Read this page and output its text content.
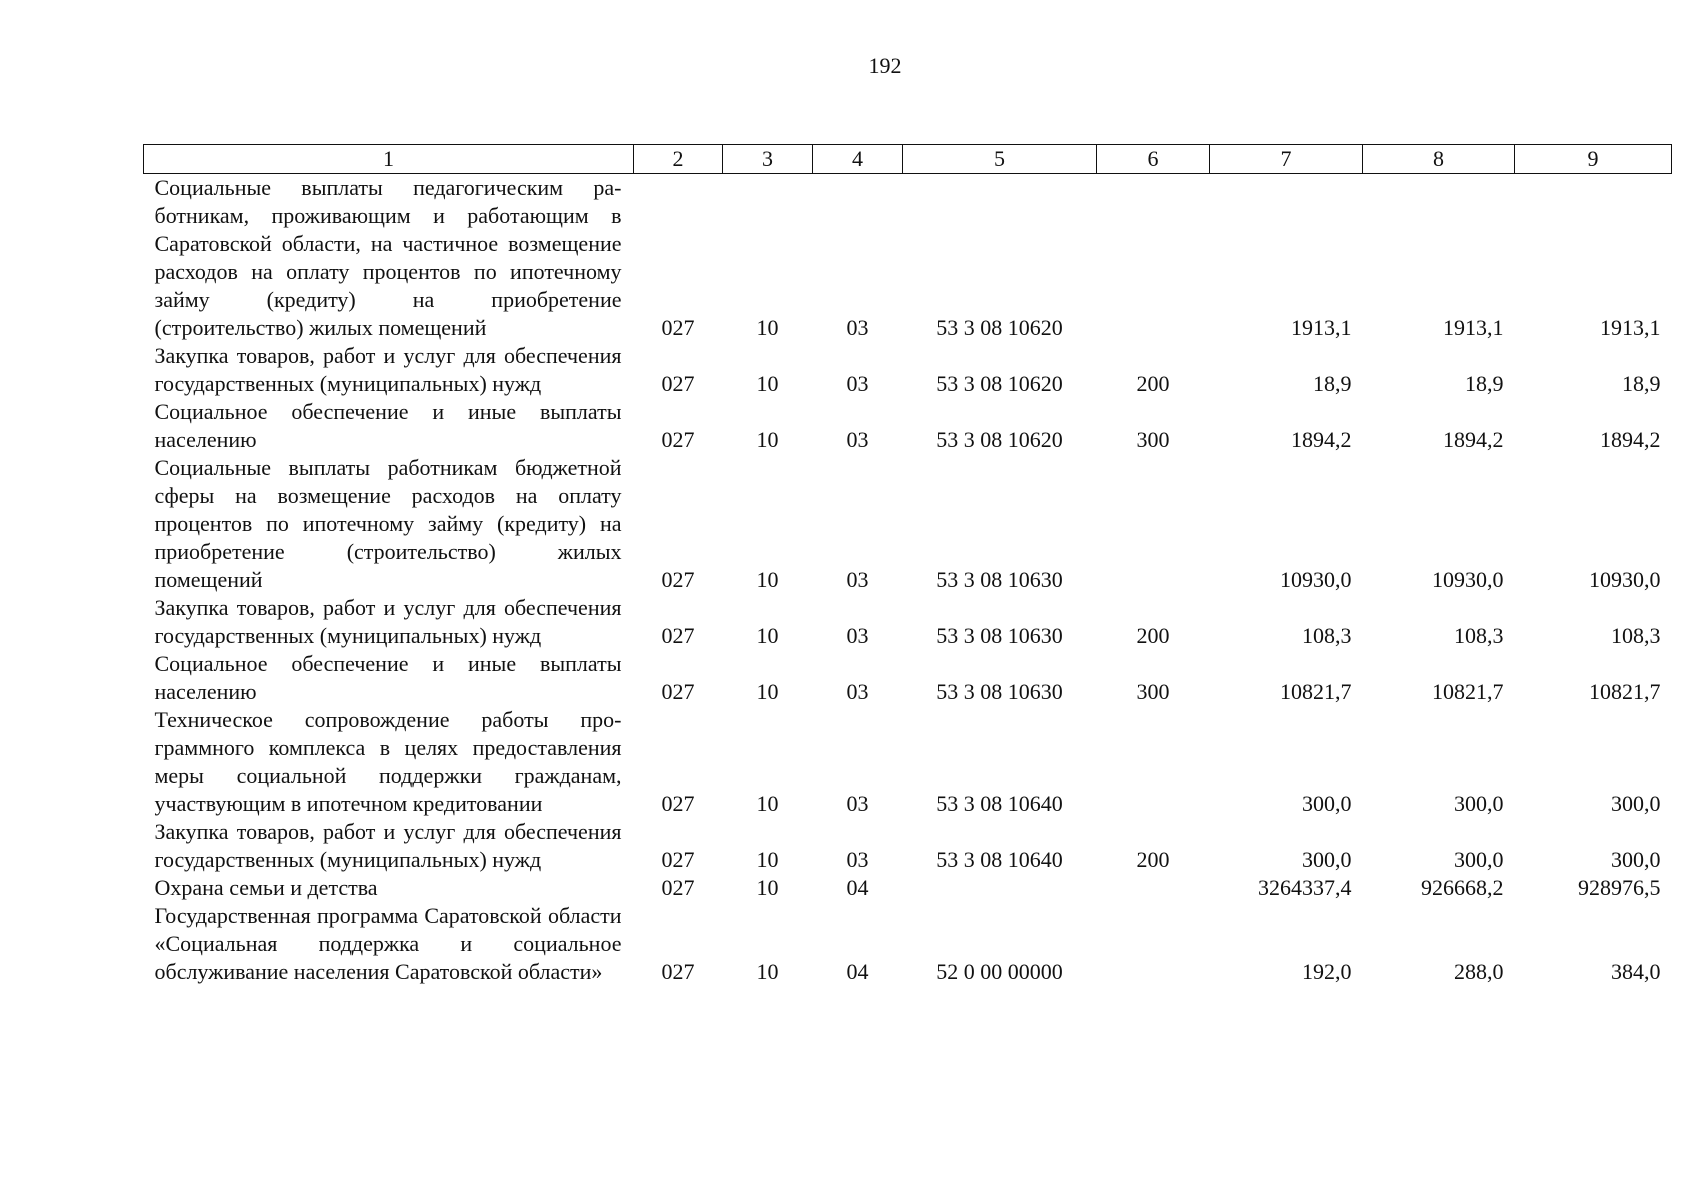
192
1	2	3	4	5	6	7	8	9
Социальные выплаты педагогическим работникам, проживающим и работающим в Саратовской области, на частичное возмещение расходов на оплату процентов по ипотечному займу (кредиту) на приобретение (строительство) жилых помещений	027	10	03	53 3 08 10620		1913,1	1913,1	1913,1
Закупка товаров, работ и услуг для обеспечения государственных (муниципальных) нужд	027	10	03	53 3 08 10620	200	18,9	18,9	18,9
Социальное обеспечение и иные выплаты населению	027	10	03	53 3 08 10620	300	1894,2	1894,2	1894,2
Социальные выплаты работникам бюджетной сферы на возмещение расходов на оплату процентов по ипотечному займу (кредиту) на приобретение (строительство) жилых помещений	027	10	03	53 3 08 10630		10930,0	10930,0	10930,0
Закупка товаров, работ и услуг для обеспечения государственных (муниципальных) нужд	027	10	03	53 3 08 10630	200	108,3	108,3	108,3
Социальное обеспечение и иные выплаты населению	027	10	03	53 3 08 10630	300	10821,7	10821,7	10821,7
Техническое сопровождение работы программного комплекса в целях предоставления меры социальной поддержки гражданам, участвующим в ипотечном кредитовании	027	10	03	53 3 08 10640		300,0	300,0	300,0
Закупка товаров, работ и услуг для обеспечения государственных (муниципальных) нужд	027	10	03	53 3 08 10640	200	300,0	300,0	300,0
Охрана семьи и детства	027	10	04			3264337,4	926668,2	928976,5
Государственная программа Саратовской области «Социальная поддержка и социальное обслуживание населения Саратовской области»	027	10	04	52 0 00 00000		192,0	288,0	384,0
